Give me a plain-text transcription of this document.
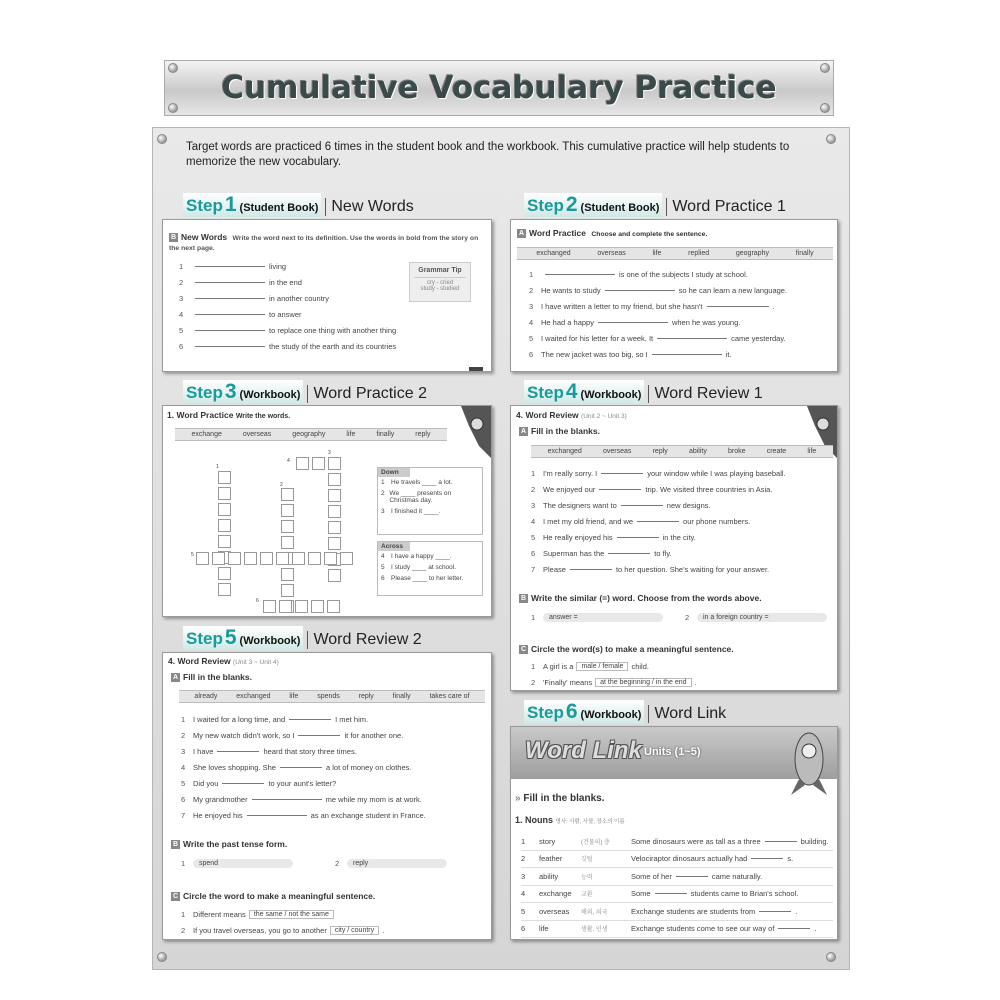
Cumulative Vocabulary Practice

Target words are practiced 6 times in the student book and the workbook. This cumulative practice will help students to memorize the new vocabulary.

Step 1 (Student Book) New Words	Step 2 (Student Book) Word Practice 1
Step 3 (Workbook) Word Practice 2	Step 4 (Workbook) Word Review 1
Step 5 (Workbook) Word Review 2
Step 6 (Workbook) Word Link
B New Words Write the word next to its definition. Use the words in bold from the story on the next page.
1	living
2	in the end
3	in another country
4	to answer
5	to replace one thing with another thing
6	the study of the earth and its countries
Grammar Tip
cry - cried
study - studied
A Word Practice Choose and complete the sentence.
exchanged	overseas	life	replied	geography	finally
1	is one of the subjects I study at school.
2	He wants to study	so he can learn a new language.
3	I have written a letter to my friend, but she hasn't	.
4	He had a happy	when he was young.
5	I waited for his letter for a week. It	came yesterday.
6	The new jacket was too big, so I	it.
1. Word Practice Write the words.
exchange	overseas	geography	life	finally	reply
1
2
3
4
5
6
Down
1 He travels ____ a lot.
2 We ____ presents on Christmas day.
3 I finished it ____.
Across
4 I have a happy ____.
5 I study ____ at school.
6 Please ____ to her letter.
4. Word Review (Unit 2 ~ Unit 3)
A Fill in the blanks.
exchanged	overseas	reply	ability	broke	create	life
1	I'm really sorry. I	your window while I was playing baseball.
2	We enjoyed our	trip. We visited three countries in Asia.
3	The designers want to	new designs.
4	I met my old friend, and we	our phone numbers.
5	He really enjoyed his	in the city.
6	Superman has the	to fly.
7	Please	to her question. She's waiting for your answer.
B Write the similar (=) word. Choose from the words above.
1	answer =	2	in a foreign country =
C Circle the word(s) to make a meaningful sentence.
1	A girl is a	male / female	child.
2	'Finally' means	at the beginning / in the end	.
4. Word Review (Unit 3 ~ Unit 4)
A Fill in the blanks.
already	exchanged	life	spends	reply	finally	takes care of
1	I waited for a long time, and	I met him.
2	My new watch didn't work, so I	it for another one.
3	I have	heard that story three times.
4	She loves shopping. She	a lot of money on clothes.
5	Did you	to your aunt's letter?
6	My grandmother	me while my mom is at work.
7	He enjoyed his	as an exchange student in France.
B Write the past tense form.
1	spend	2	reply
C Circle the word to make a meaningful sentence.
1	Different means	the same / not the same
2	If you travel overseas, you go to another	city / country	.
Word Link Units (1~5)
» Fill in the blanks.
1. Nouns 명사: 사람, 사물, 장소의 이름
1	story	(건물의) 층	Some dinosaurs were as tall as a three	building.
2	feather	깃털	Velociraptor dinosaurs actually had	s.
3	ability	능력	Some of her	came naturally.
4	exchange	교환	Some	students came to Brian's school.
5	overseas	해외, 외국	Exchange students are students from	.
6	life	생활, 인생	Exchange students come to see our way of	.
